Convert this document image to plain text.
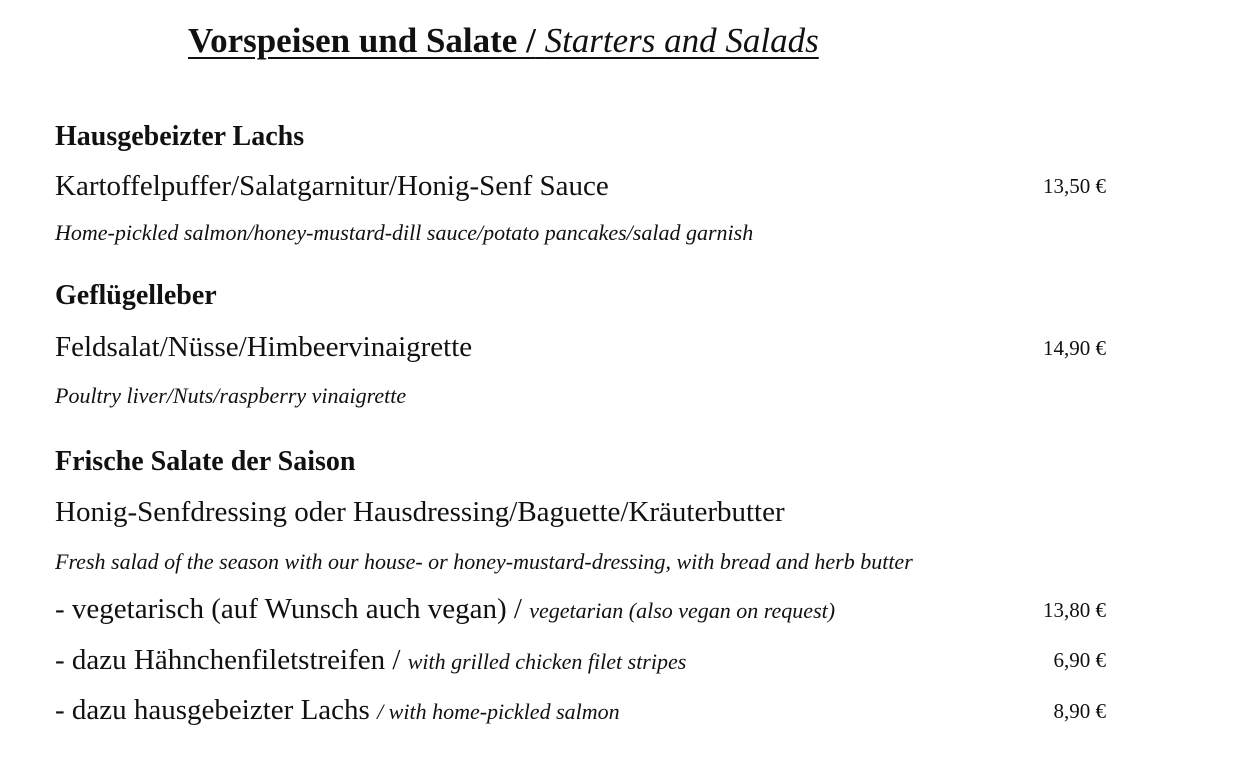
Vorspeisen und Salate / Starters and Salads
Hausgebeizter Lachs
Kartoffelpuffer/Salatgarnitur/Honig-Senf Sauce	13,50 €
Home-pickled salmon/honey-mustard-dill sauce/potato pancakes/salad garnish
Geflügelleber
Feldsalat/Nüsse/Himbeervinaigrette	14,90 €
Poultry liver/Nuts/raspberry vinaigrette
Frische Salate der Saison
Honig-Senfdressing oder Hausdressing/Baguette/Kräuterbutter
Fresh salad of the season with our house- or honey-mustard-dressing, with bread and herb butter
- vegetarisch (auf Wunsch auch vegan) / vegetarian (also vegan on request)	13,80 €
- dazu Hähnchenfiletstreifen / with grilled chicken filet stripes	6,90 €
- dazu hausgebeizter Lachs / with home-pickled salmon	8,90 €
